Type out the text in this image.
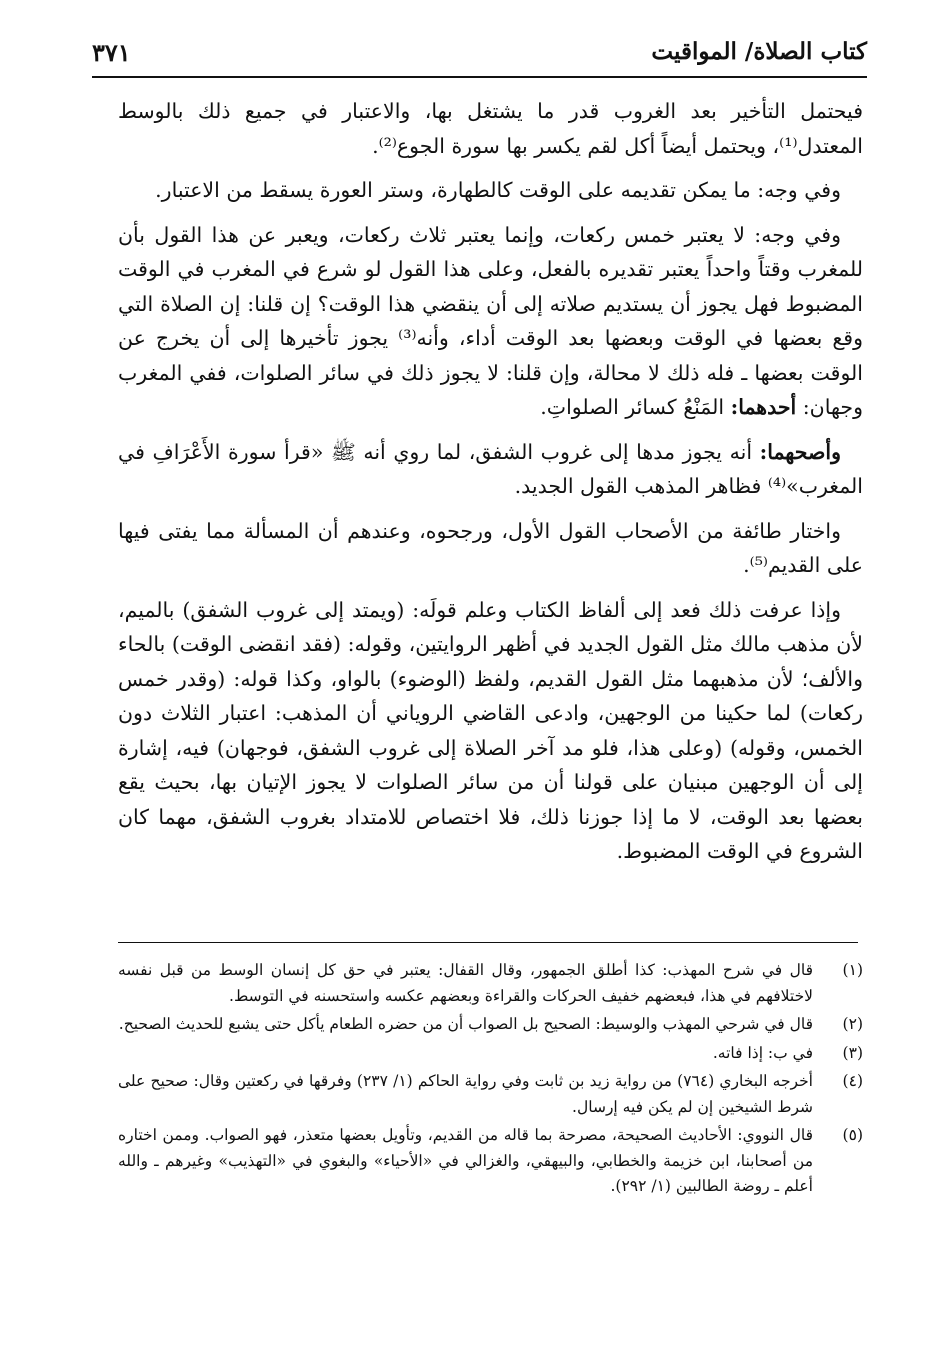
كتاب الصلاة/ المواقيت
٣٧١

فيحتمل التأخير بعد الغروب قدر ما يشتغل بها، والاعتبار في جميع ذلك بالوسط المعتدل⁽¹⁾، ويحتمل أيضاً أكل لقم يكسر بها سورة الجوع⁽²⁾.

وفي وجه: ما يمكن تقديمه على الوقت كالطهارة، وستر العورة يسقط من الاعتبار.

وفي وجه: لا يعتبر خمس ركعات، وإنما يعتبر ثلاث ركعات، ويعبر عن هذا القول بأن للمغرب وقتاً واحداً يعتبر تقديره بالفعل، وعلى هذا القول لو شرع في المغرب في الوقت المضبوط فهل يجوز أن يستديم صلاته إلى أن ينقضي هذا الوقت؟ إن قلنا: إن الصلاة التي وقع بعضها في الوقت وبعضها بعد الوقت أداء، وأنه⁽³⁾ يجوز تأخيرها إلى أن يخرج عن الوقت بعضها ـ فله ذلك لا محالة، وإن قلنا: لا يجوز ذلك في سائر الصلوات، ففي المغرب وجهان: أحدهما: المَنْعُ كسائر الصلواتِ.

وأصحهما: أنه يجوز مدها إلى غروب الشفق، لما روي أنه ﷺ «قرأ سورة الأَعْرَافِ في المغرب»⁽⁴⁾ فظاهر المذهب القول الجديد.

واختار طائفة من الأصحاب القول الأول، ورجحوه، وعندهم أن المسألة مما يفتى فيها على القديم⁽⁵⁾.

وإذا عرفت ذلك فعد إلى ألفاظ الكتاب وعلم قولَه: (ويمتد إلى غروب الشفق) بالميم، لأن مذهب مالك مثل القول الجديد في أظهر الروايتين، وقوله: (فقد انقضى الوقت) بالحاء والألف؛ لأن مذهبهما مثل القول القديم، ولفظ (الوضوء) بالواو، وكذا قوله: (وقدر خمس ركعات) لما حكينا من الوجهين، وادعى القاضي الروياني أن المذهب: اعتبار الثلاث دون الخمس، وقوله) (وعلى هذا، فلو مد آخر الصلاة إلى غروب الشفق، فوجهان) فيه، إشارة إلى أن الوجهين مبنيان على قولنا أن من سائر الصلوات لا يجوز الإتيان بها، بحيث يقع بعضها بعد الوقت، لا ما إذا جوزنا ذلك، فلا اختصاص للامتداد بغروب الشفق، مهما كان الشروع في الوقت المضبوط.

(١)
قال في شرح المهذب: كذا أطلق الجمهور، وقال القفال: يعتبر في حق كل إنسان الوسط من قبل نفسه لاختلافهم في هذا، فبعضهم خفيف الحركات والقراءة وبعضهم عكسه واستحسنه في التوسط.
(٢)
قال في شرحي المهذب والوسيط: الصحيح بل الصواب أن من حضره الطعام يأكل حتى يشبع للحديث الصحيح.
(٣)
في ب: إذا فاته.
(٤)
أخرجه البخاري (٧٦٤) من رواية زيد بن ثابت وفي رواية الحاكم (١/ ٢٣٧) وفرقها في ركعتين وقال: صحيح على شرط الشيخين إن لم يكن فيه إرسال.
(٥)
قال النووي: الأحاديث الصحيحة، مصرحة بما قاله من القديم، وتأويل بعضها متعذر، فهو الصواب. وممن اختاره من أصحابنا، ابن خزيمة والخطابي، والبيهقي، والغزالي في «الأحياء» والبغوي في «التهذيب» وغيرهم ـ والله أعلم ـ روضة الطالبين (١/ ٢٩٢).
